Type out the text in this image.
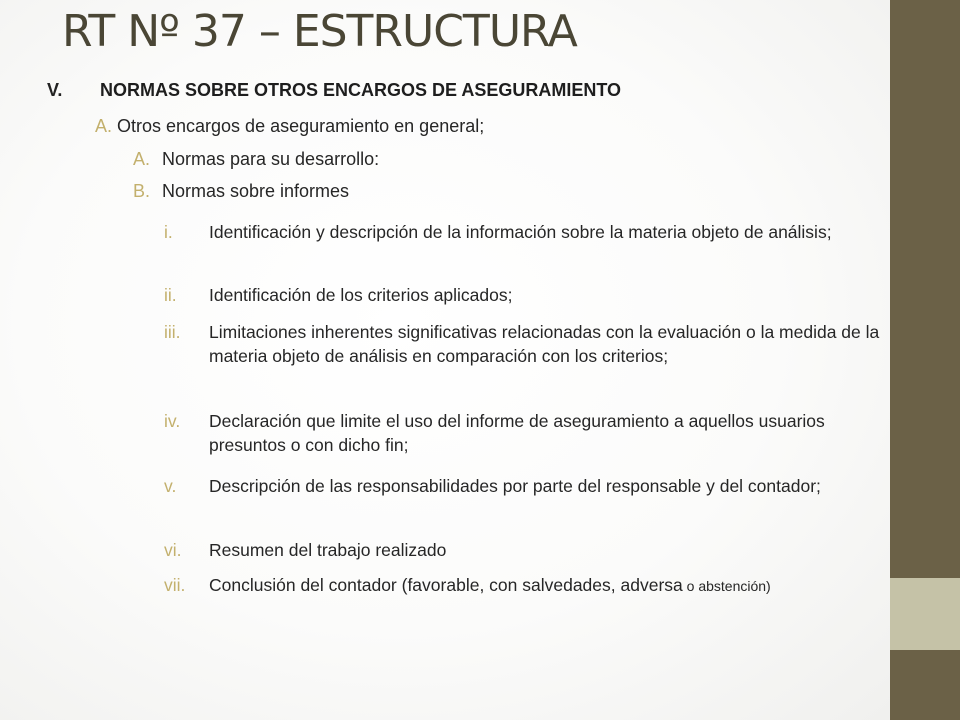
RT Nº 37 – ESTRUCTURA
V.	NORMAS SOBRE OTROS ENCARGOS DE ASEGURAMIENTO
A. Otros encargos de aseguramiento en general;
A. Normas para su desarrollo:
B. Normas sobre informes
i.	Identificación y descripción de la información sobre la materia objeto de análisis;
ii.	Identificación de los criterios aplicados;
iii.	Limitaciones inherentes significativas relacionadas con la evaluación o la medida de la materia objeto de análisis en comparación con los criterios;
iv.	Declaración que limite el uso del informe de aseguramiento a aquellos usuarios presuntos o con dicho fin;
v.	Descripción de las responsabilidades por parte del responsable y del contador;
vi.	Resumen del trabajo realizado
vii.	Conclusión del contador (favorable, con salvedades, adversa o abstención)
